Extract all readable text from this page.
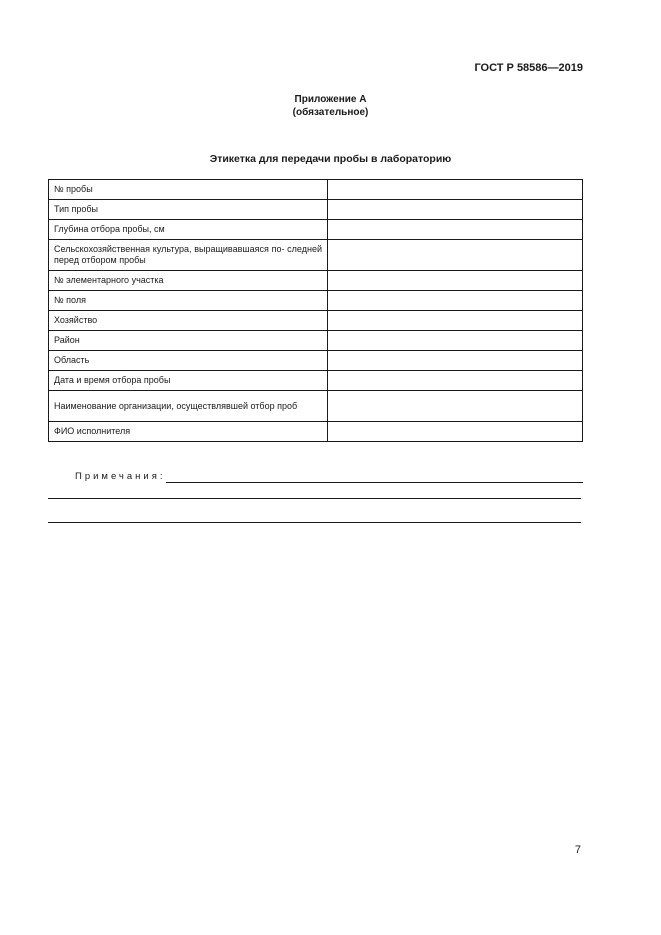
ГОСТ Р 58586—2019
Приложение А
(обязательное)
Этикетка для передачи пробы в лабораторию
№ пробы	
Тип пробы	
Глубина отбора пробы, см	
Сельскохозяйственная культура, выращивавшаяся по- следней перед отбором пробы	
№ элементарного участка	
№ поля	
Хозяйство	
Район	
Область	
Дата и время отбора пробы	
Наименование организации, осуществлявшей отбор проб	
ФИО исполнителя	
Примечания:
7
